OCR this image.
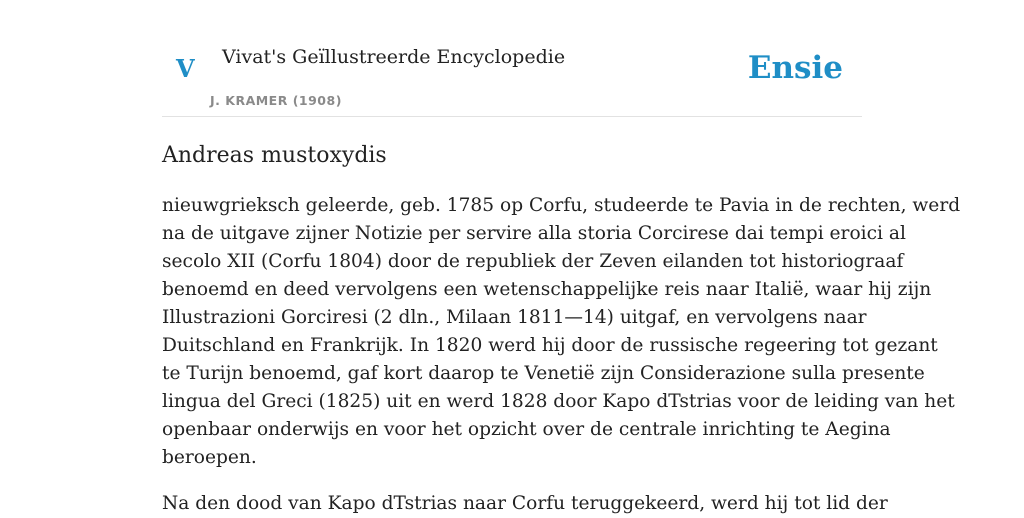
V Vivat's Geïllustreerde Encyclopedie
J. KRAMER (1908)
Ensie
Andreas mustoxydis
nieuwgrieksch geleerde, geb. 1785 op Corfu, studeerde te Pavia in de rechten, werd
na de uitgave zijner Notizie per servire alla storia Corcirese dai tempi eroici al
secolo XII (Corfu 1804) door de republiek der Zeven eilanden tot historiograaf
benoemd en deed vervolgens een wetenschappelijke reis naar Italië, waar hij zijn
Illustrazioni Gorciresi (2 dln., Milaan 1811—14) uitgaf, en vervolgens naar
Duitschland en Frankrijk. In 1820 werd hij door de russische regeering tot gezant
te Turijn benoemd, gaf kort daarop te Venetië zijn Considerazione sulla presente
lingua del Greci (1825) uit en werd 1828 door Kapo dTstrias voor de leiding van het
openbaar onderwijs en voor het opzicht over de centrale inrichting te Aegina
beroepen.
Na den dood van Kapo dTstrias naar Corfu teruggekeerd, werd hij tot lid der
